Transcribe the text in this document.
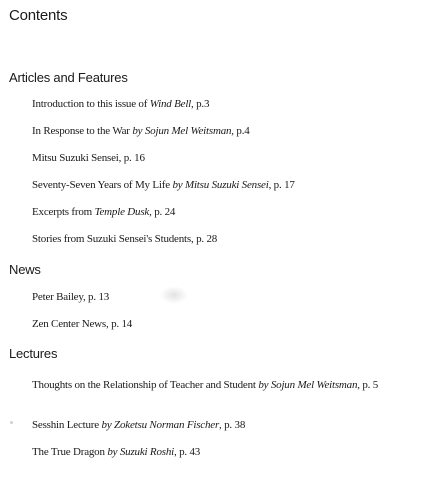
Contents
Articles and Features
Introduction to this issue of Wind Bell, p.3
In Response to the War by Sojun Mel Weitsman, p.4
Mitsu Suzuki Sensei, p. 16
Seventy-Seven Years of My Life by Mitsu Suzuki Sensei, p. 17
Excerpts from Temple Dusk, p. 24
Stories from Suzuki Sensei's Students, p. 28
News
Peter Bailey, p. 13
Zen Center News, p. 14
Lectures
Thoughts on the Relationship of Teacher and Student by Sojun Mel Weitsman, p. 5
Sesshin Lecture by Zoketsu Norman Fischer, p. 38
The True Dragon by Suzuki Roshi, p. 43
